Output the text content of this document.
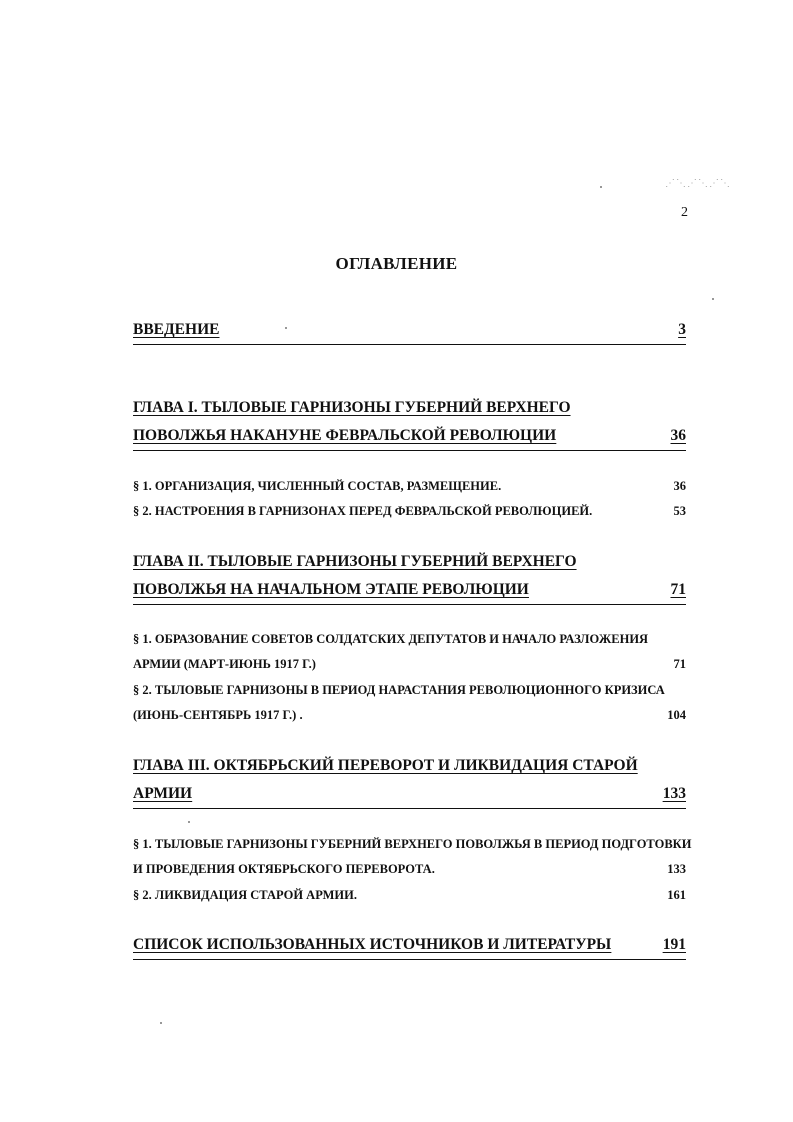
⋰⋱⋰⋱⋰⋱
2
ОГЛАВЛЕНИЕ
ВВЕДЕНИЕ	3
ГЛАВА I. ТЫЛОВЫЕ ГАРНИЗОНЫ ГУБЕРНИЙ ВЕРХНЕГО
ПОВОЛЖЬЯ НАКАНУНЕ ФЕВРАЛЬСКОЙ РЕВОЛЮЦИИ	36
§ 1. ОРГАНИЗАЦИЯ, ЧИСЛЕННЫЙ СОСТАВ, РАЗМЕЩЕНИЕ.	36
§ 2. НАСТРОЕНИЯ В ГАРНИЗОНАХ ПЕРЕД ФЕВРАЛЬСКОЙ РЕВОЛЮЦИЕЙ.	53
ГЛАВА II. ТЫЛОВЫЕ ГАРНИЗОНЫ ГУБЕРНИЙ ВЕРХНЕГО
ПОВОЛЖЬЯ НА НАЧАЛЬНОМ ЭТАПЕ РЕВОЛЮЦИИ	71
§ 1. ОБРАЗОВАНИЕ СОВЕТОВ СОЛДАТСКИХ ДЕПУТАТОВ И НАЧАЛО РАЗЛОЖЕНИЯ
АРМИИ (МАРТ-ИЮНЬ 1917 Г.)	71
§ 2. ТЫЛОВЫЕ ГАРНИЗОНЫ В ПЕРИОД НАРАСТАНИЯ РЕВОЛЮЦИОННОГО КРИЗИСА
(ИЮНЬ-СЕНТЯБРЬ 1917 Г.) .	104
ГЛАВА III. ОКТЯБРЬСКИЙ ПЕРЕВОРОТ И ЛИКВИДАЦИЯ СТАРОЙ
АРМИИ	133
§ 1. ТЫЛОВЫЕ ГАРНИЗОНЫ ГУБЕРНИЙ ВЕРХНЕГО ПОВОЛЖЬЯ В ПЕРИОД ПОДГОТОВКИ
И ПРОВЕДЕНИЯ ОКТЯБРЬСКОГО ПЕРЕВОРОТА.	133
§ 2. ЛИКВИДАЦИЯ СТАРОЙ АРМИИ.	161
СПИСОК ИСПОЛЬЗОВАННЫХ ИСТОЧНИКОВ И ЛИТЕРАТУРЫ	191
